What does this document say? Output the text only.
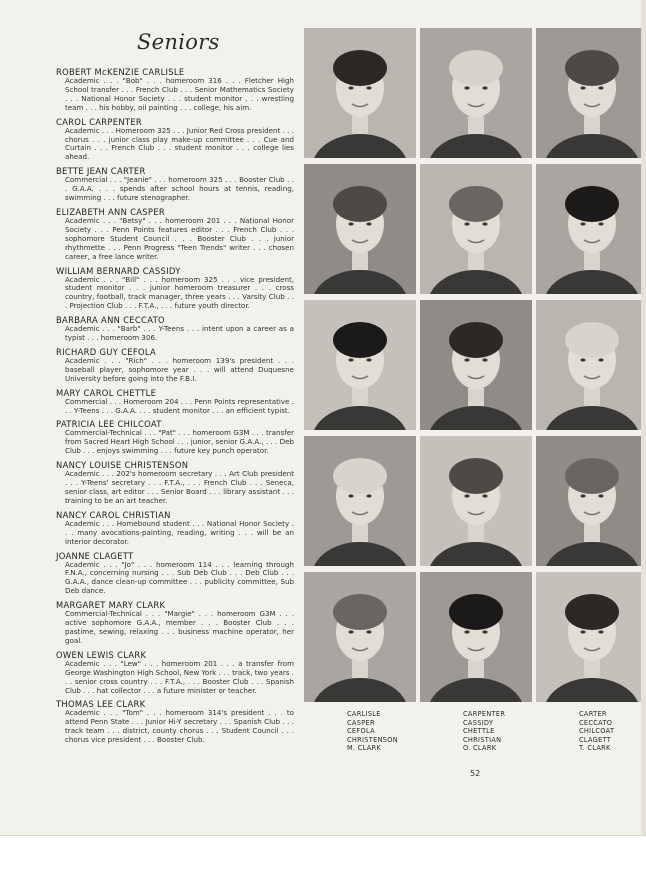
Seniors
ROBERT McKENZIE CARLISLE
Academic . . . "Bob" . . . homeroom 316 . . . Fletcher High School transfer . . . French Club . . . Senior Mathematics Society . . . National Honor Society . . . student monitor . . . wrestling team . . . his hobby, oil painting . . . college, his aim.
CAROL CARPENTER
Academic . . . Homeroom 325 . . . Junior Red Cross president . . . chorus . . . junior class play make-up committee . . . Cue and Curtain . . . French Club . . . student monitor . . . college lies ahead.
BETTE JEAN CARTER
Commercial . . . "Jeanie" . . . homeroom 325 . . . Booster Club . . . G.A.A. . . . spends after school hours at tennis, reading, swimming . . . future stenographer.
ELIZABETH ANN CASPER
Academic . . . "Betsy" . . . homeroom 201 . . . National Honor Society . . . Penn Points features editor . . . French Club . . . sophomore Student Council . . . Booster Club . . . junior rhythmette . . . Penn Progress "Teen Trends" writer . . . chosen career, a free lance writer.
WILLIAM BERNARD CASSIDY
Academic . . . "Bill" . . . homeroom 325 . . . vice president, student monitor . . . junior homeroom treasurer . . . cross country, football, track manager, three years . . . Varsity Club . . . Projection Club . . . F.T.A., . . . future youth director.
BARBARA ANN CECCATO
Academic . . . "Barb" . . . Y-Teens . . . intent upon a career as a typist . . . homeroom 306.
RICHARD GUY CEFOLA
Academic . . . "Rich" . . . homeroom 139's president . . . baseball player, sophomore year . . . will attend Duquesne University before going into the F.B.I.
MARY CAROL CHETTLE
Commercial . . . Homeroom 204 . . . Penn Points representative . . . Y-Teens . . . G.A.A. . . . student monitor . . . an efficient typist.
PATRICIA LEE CHILCOAT
Commercial-Technical . . . "Pat" . . . homeroom G3M . . . transfer from Sacred Heart High School . . . junior, senior G.A.A., . . . Deb Club . . . enjoys swimming . . . future key punch operator.
NANCY LOUISE CHRISTENSON
Academic . . . 202's homeroom secretary . . . Art Club president . . . Y-Teens' secretary . . . F.T.A., . . . French Club . . . Seneca, senior class, art editor . . . Senior Board . . . library assistant . . . training to be an art teacher.
NANCY CAROL CHRISTIAN
Academic . . . Homebound student . . . National Honor Society . . . many avocations-painting, reading, writing . . . will be an interior decorator.
JOANNE CLAGETT
Academic . . . "Jo" . . . homeroom 114 . . . learning through F.N.A., concerning nursing . . . Sub Deb Club . . . Deb Club . . . G.A.A., dance clean-up committee . . . publicity committee, Sub Deb dance.
MARGARET MARY CLARK
Commercial-Technical . . . "Margie" . . . homeroom G3M . . . active sophomore G.A.A., member . . . Booster Club . . . pastime, sewing, relaxing . . . business machine operator, her goal.
OWEN LEWIS CLARK
Academic . . . "Lew" . . . homeroom 201 . . . a transfer from George Washington High School, New York . . . track, two years . . . senior cross country . . . F.T.A., . . . Booster Club . . . Spanish Club . . . hat collector . . . a future minister or teacher.
THOMAS LEE CLARK
Academic . . . "Tom" . . . homeroom 314's president . . . to attend Penn State . . . Junior Hi-Y secretary . . . Spanish Club . . . track team . . . district, county chorus . . . Student Council . . . chorus vice president . . . Booster Club.
CARLISLE
CASPER
CEFOLA
CHRISTENSON
M. CLARK
CARPENTER
CASSIDY
CHETTLE
CHRISTIAN
O. CLARK
CARTER
CECCATO
CHILCOAT
CLAGETT
T. CLARK
52
